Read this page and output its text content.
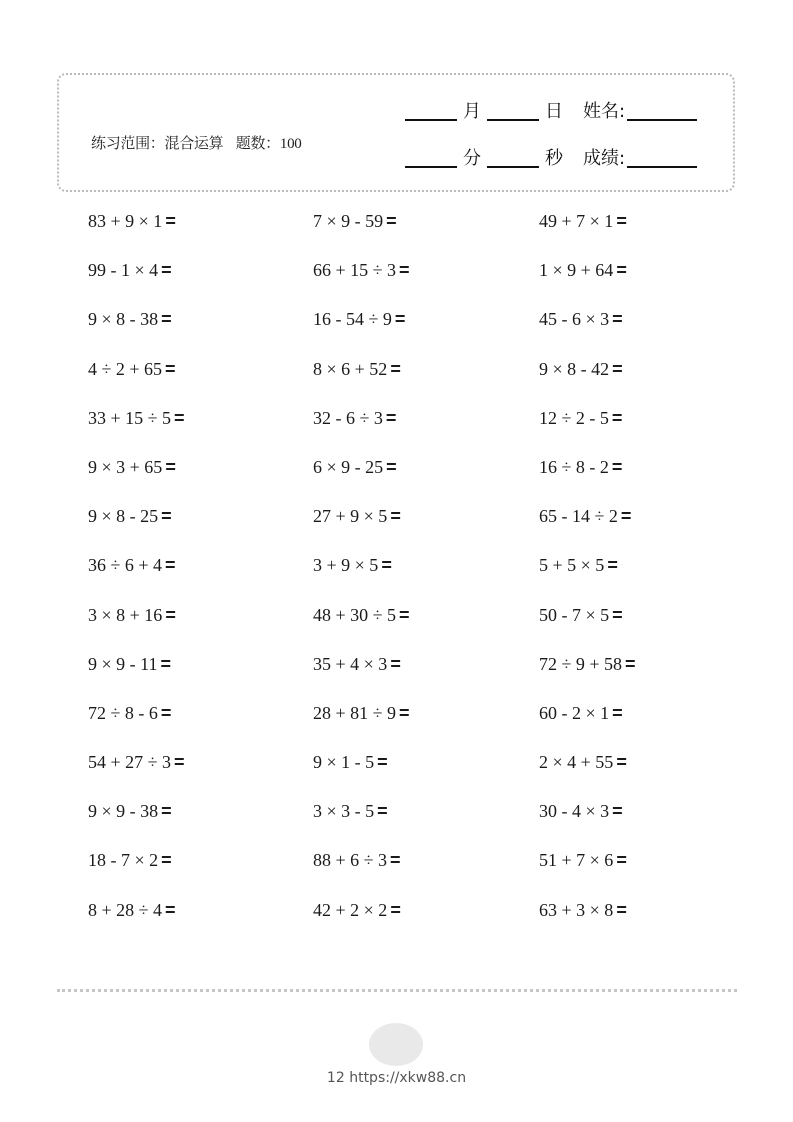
练习范围：混合运算 题数：100
月	日 姓名:
分	秒 成绩:
83 + 9 × 1 =	7 × 9 - 59 =	49 + 7 × 1 =
99 - 1 × 4 =	66 + 15 ÷ 3 =	1 × 9 + 64 =
9 × 8 - 38 =	16 - 54 ÷ 9 =	45 - 6 × 3 =
4 ÷ 2 + 65 =	8 × 6 + 52 =	9 × 8 - 42 =
33 + 15 ÷ 5 =	32 - 6 ÷ 3 =	12 ÷ 2 - 5 =
9 × 3 + 65 =	6 × 9 - 25 =	16 ÷ 8 - 2 =
9 × 8 - 25 =	27 + 9 × 5 =	65 - 14 ÷ 2 =
36 ÷ 6 + 4 =	3 + 9 × 5 =	5 + 5 × 5 =
3 × 8 + 16 =	48 + 30 ÷ 5 =	50 - 7 × 5 =
9 × 9 - 11 =	35 + 4 × 3 =	72 ÷ 9 + 58 =
72 ÷ 8 - 6 =	28 + 81 ÷ 9 =	60 - 2 × 1 =
54 + 27 ÷ 3 =	9 × 1 - 5 =	2 × 4 + 55 =
9 × 9 - 38 =	3 × 3 - 5 =	30 - 4 × 3 =
18 - 7 × 2 =	88 + 6 ÷ 3 =	51 + 7 × 6 =
8 + 28 ÷ 4 =	42 + 2 × 2 =	63 + 3 × 8 =
12 https://xkw88.cn
